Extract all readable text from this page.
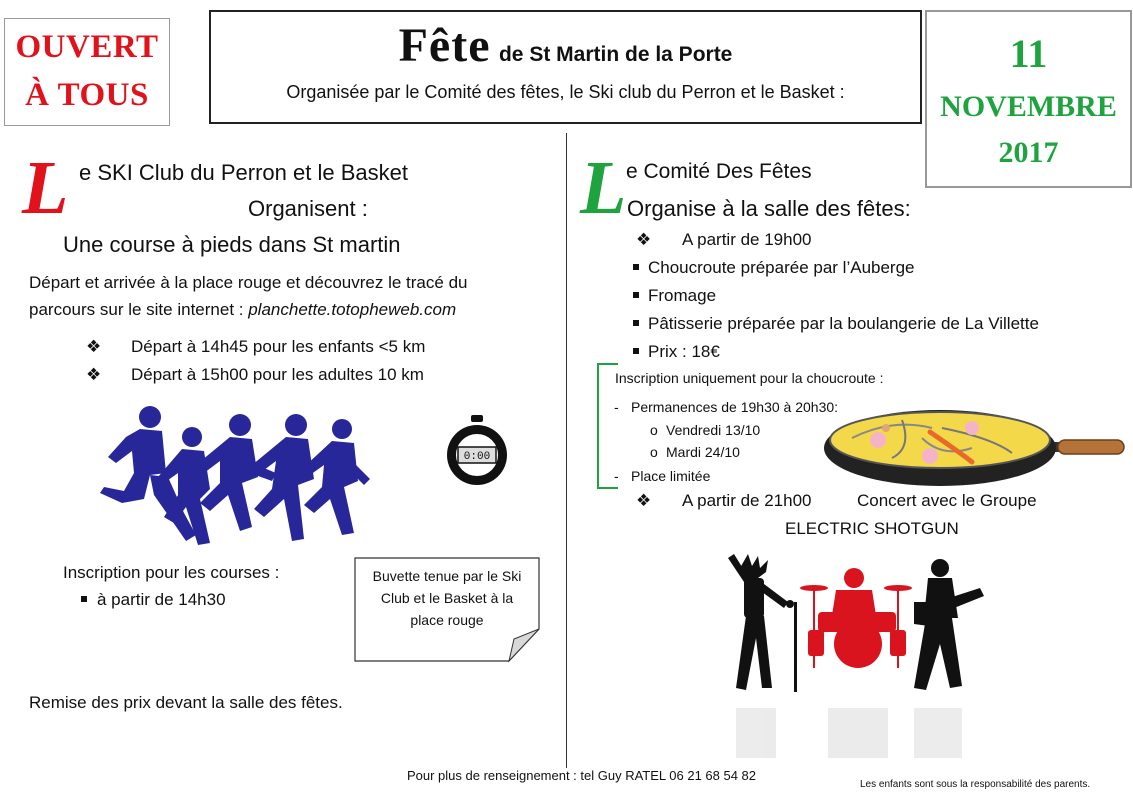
OUVERT
À TOUS
Fête de St Martin de la Porte
Organisée par le Comité des fêtes, le Ski club du Perron et le Basket :
11
NOVEMBRE
2017
L e SKI Club du Perron et le Basket
Organisent :
Une course à pieds dans St martin
Départ et arrivée à la place rouge et découvrez le tracé du
parcours sur le site internet : planchette.totopheweb.com
❖ Départ à 14h45 pour les enfants <5 km
❖ Départ à 15h00 pour les adultes 10 km
0:00
Inscription pour les courses :
à partir de 14h30
Buvette tenue par le Ski
Club et le Basket à la
place rouge
Remise des prix devant la salle des fêtes.
L e Comité Des Fêtes
Organise à la salle des fêtes:
❖ A partir de 19h00
Choucroute préparée par l’Auberge
Fromage
Pâtisserie préparée par la boulangerie de La Villette
Prix : 18€
Inscription uniquement pour la choucroute :
- Permanences de 19h30 à 20h30:
o Vendredi 13/10
o Mardi 24/10
- Place limitée
❖ A partir de 21h00	Concert avec le Groupe
ELECTRIC SHOTGUN
Pour plus de renseignement : tel Guy RATEL 06 21 68 54 82
Les enfants sont sous la responsabilité des parents.
